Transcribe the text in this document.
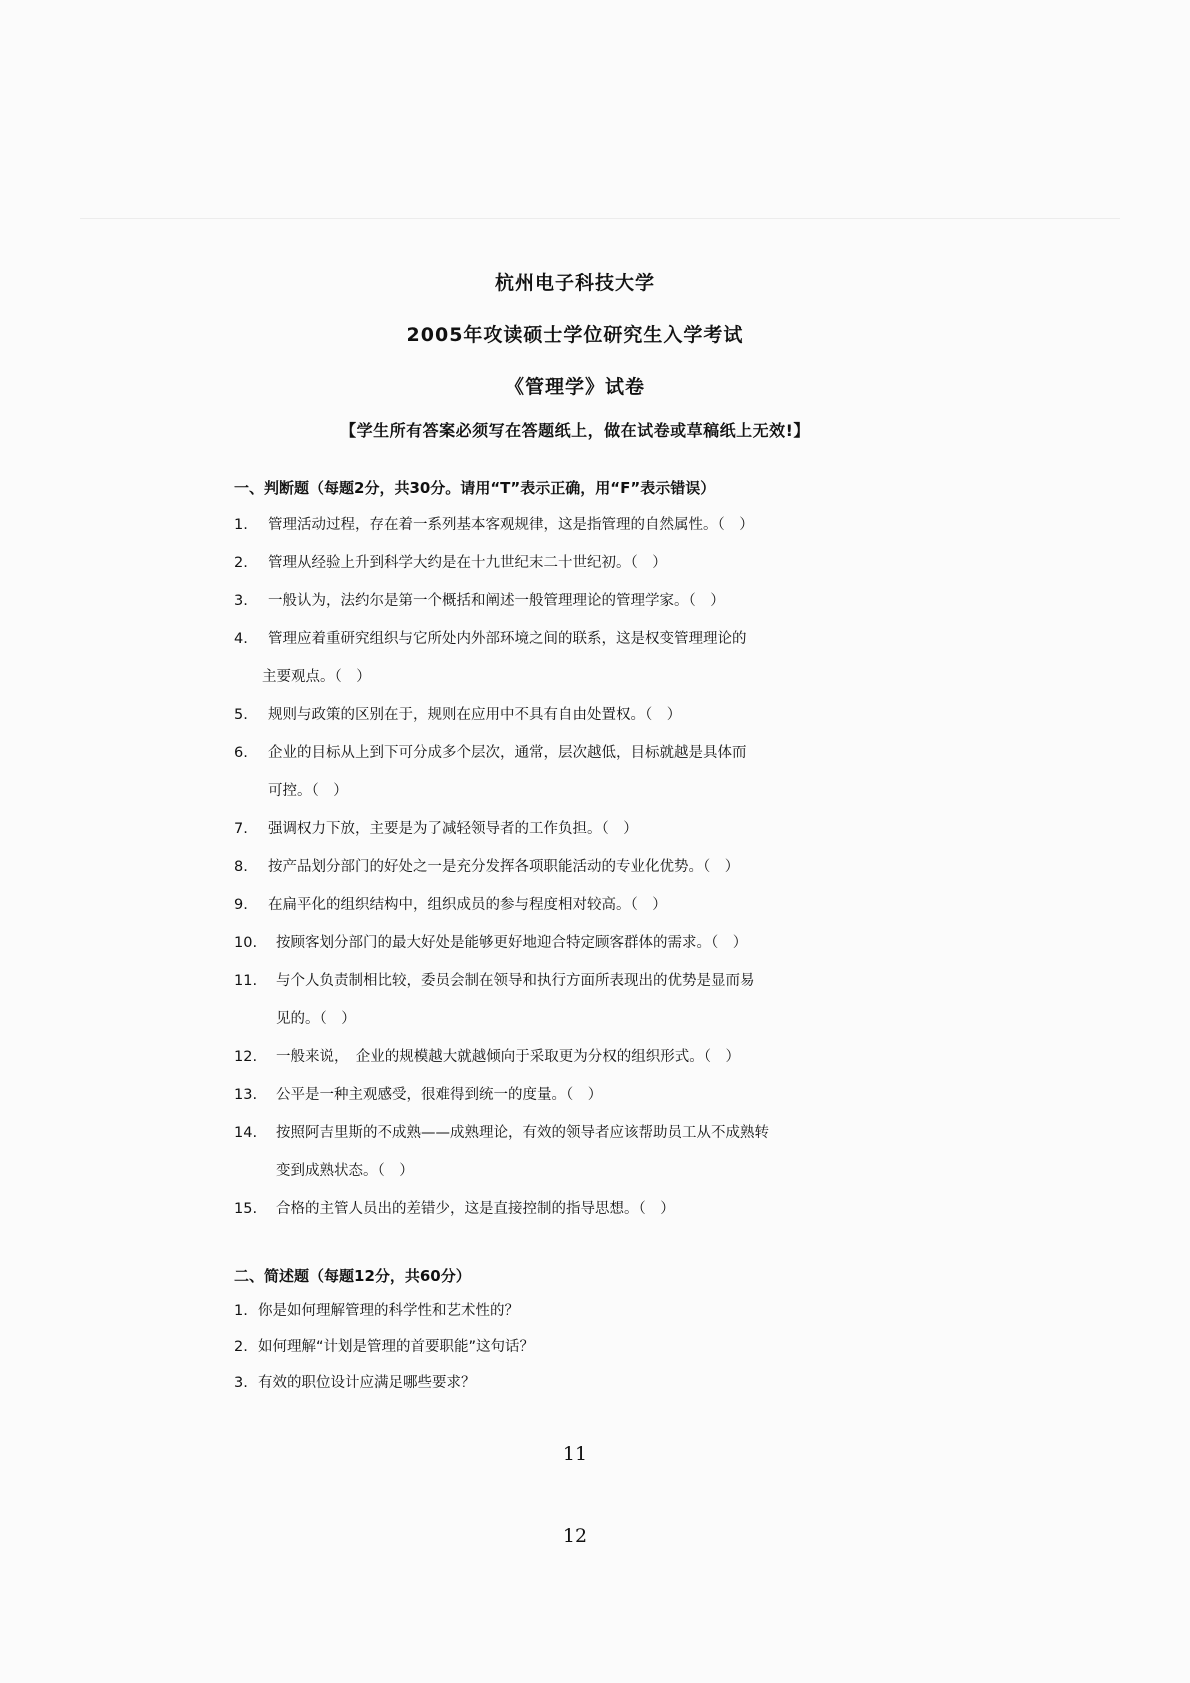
杭州电子科技大学
2005年攻读硕士学位研究生入学考试
《管理学》试卷
【学生所有答案必须写在答题纸上，做在试卷或草稿纸上无效!】
一、判断题（每题2分，共30分。请用“T”表示正确，用“F”表示错误）
1. 管理活动过程，存在着一系列基本客观规律，这是指管理的自然属性。（　）
2. 管理从经验上升到科学大约是在十九世纪末二十世纪初。（　）
3. 一般认为，法约尔是第一个概括和阐述一般管理理论的管理学家。（　）
4. 管理应着重研究组织与它所处内外部环境之间的联系，这是权变管理理论的
主要观点。（　）
5. 规则与政策的区别在于，规则在应用中不具有自由处置权。（　）
6. 企业的目标从上到下可分成多个层次，通常，层次越低，目标就越是具体而
可控。（　）
7. 强调权力下放，主要是为了减轻领导者的工作负担。（　）
8. 按产品划分部门的好处之一是充分发挥各项职能活动的专业化优势。（　）
9. 在扁平化的组织结构中，组织成员的参与程度相对较高。（　）
10. 按顾客划分部门的最大好处是能够更好地迎合特定顾客群体的需求。（　）
11. 与个人负责制相比较，委员会制在领导和执行方面所表现出的优势是显而易
见的。（　）
12. 一般来说，　企业的规模越大就越倾向于采取更为分权的组织形式。（　）
13. 公平是一种主观感受，很难得到统一的度量。（　）
14. 按照阿吉里斯的不成熟——成熟理论，有效的领导者应该帮助员工从不成熟转
变到成熟状态。（　）
15. 合格的主管人员出的差错少，这是直接控制的指导思想。（　）
二、简述题（每题12分，共60分）
1. 你是如何理解管理的科学性和艺术性的？
2. 如何理解“计划是管理的首要职能”这句话？
3. 有效的职位设计应满足哪些要求？
11
12
